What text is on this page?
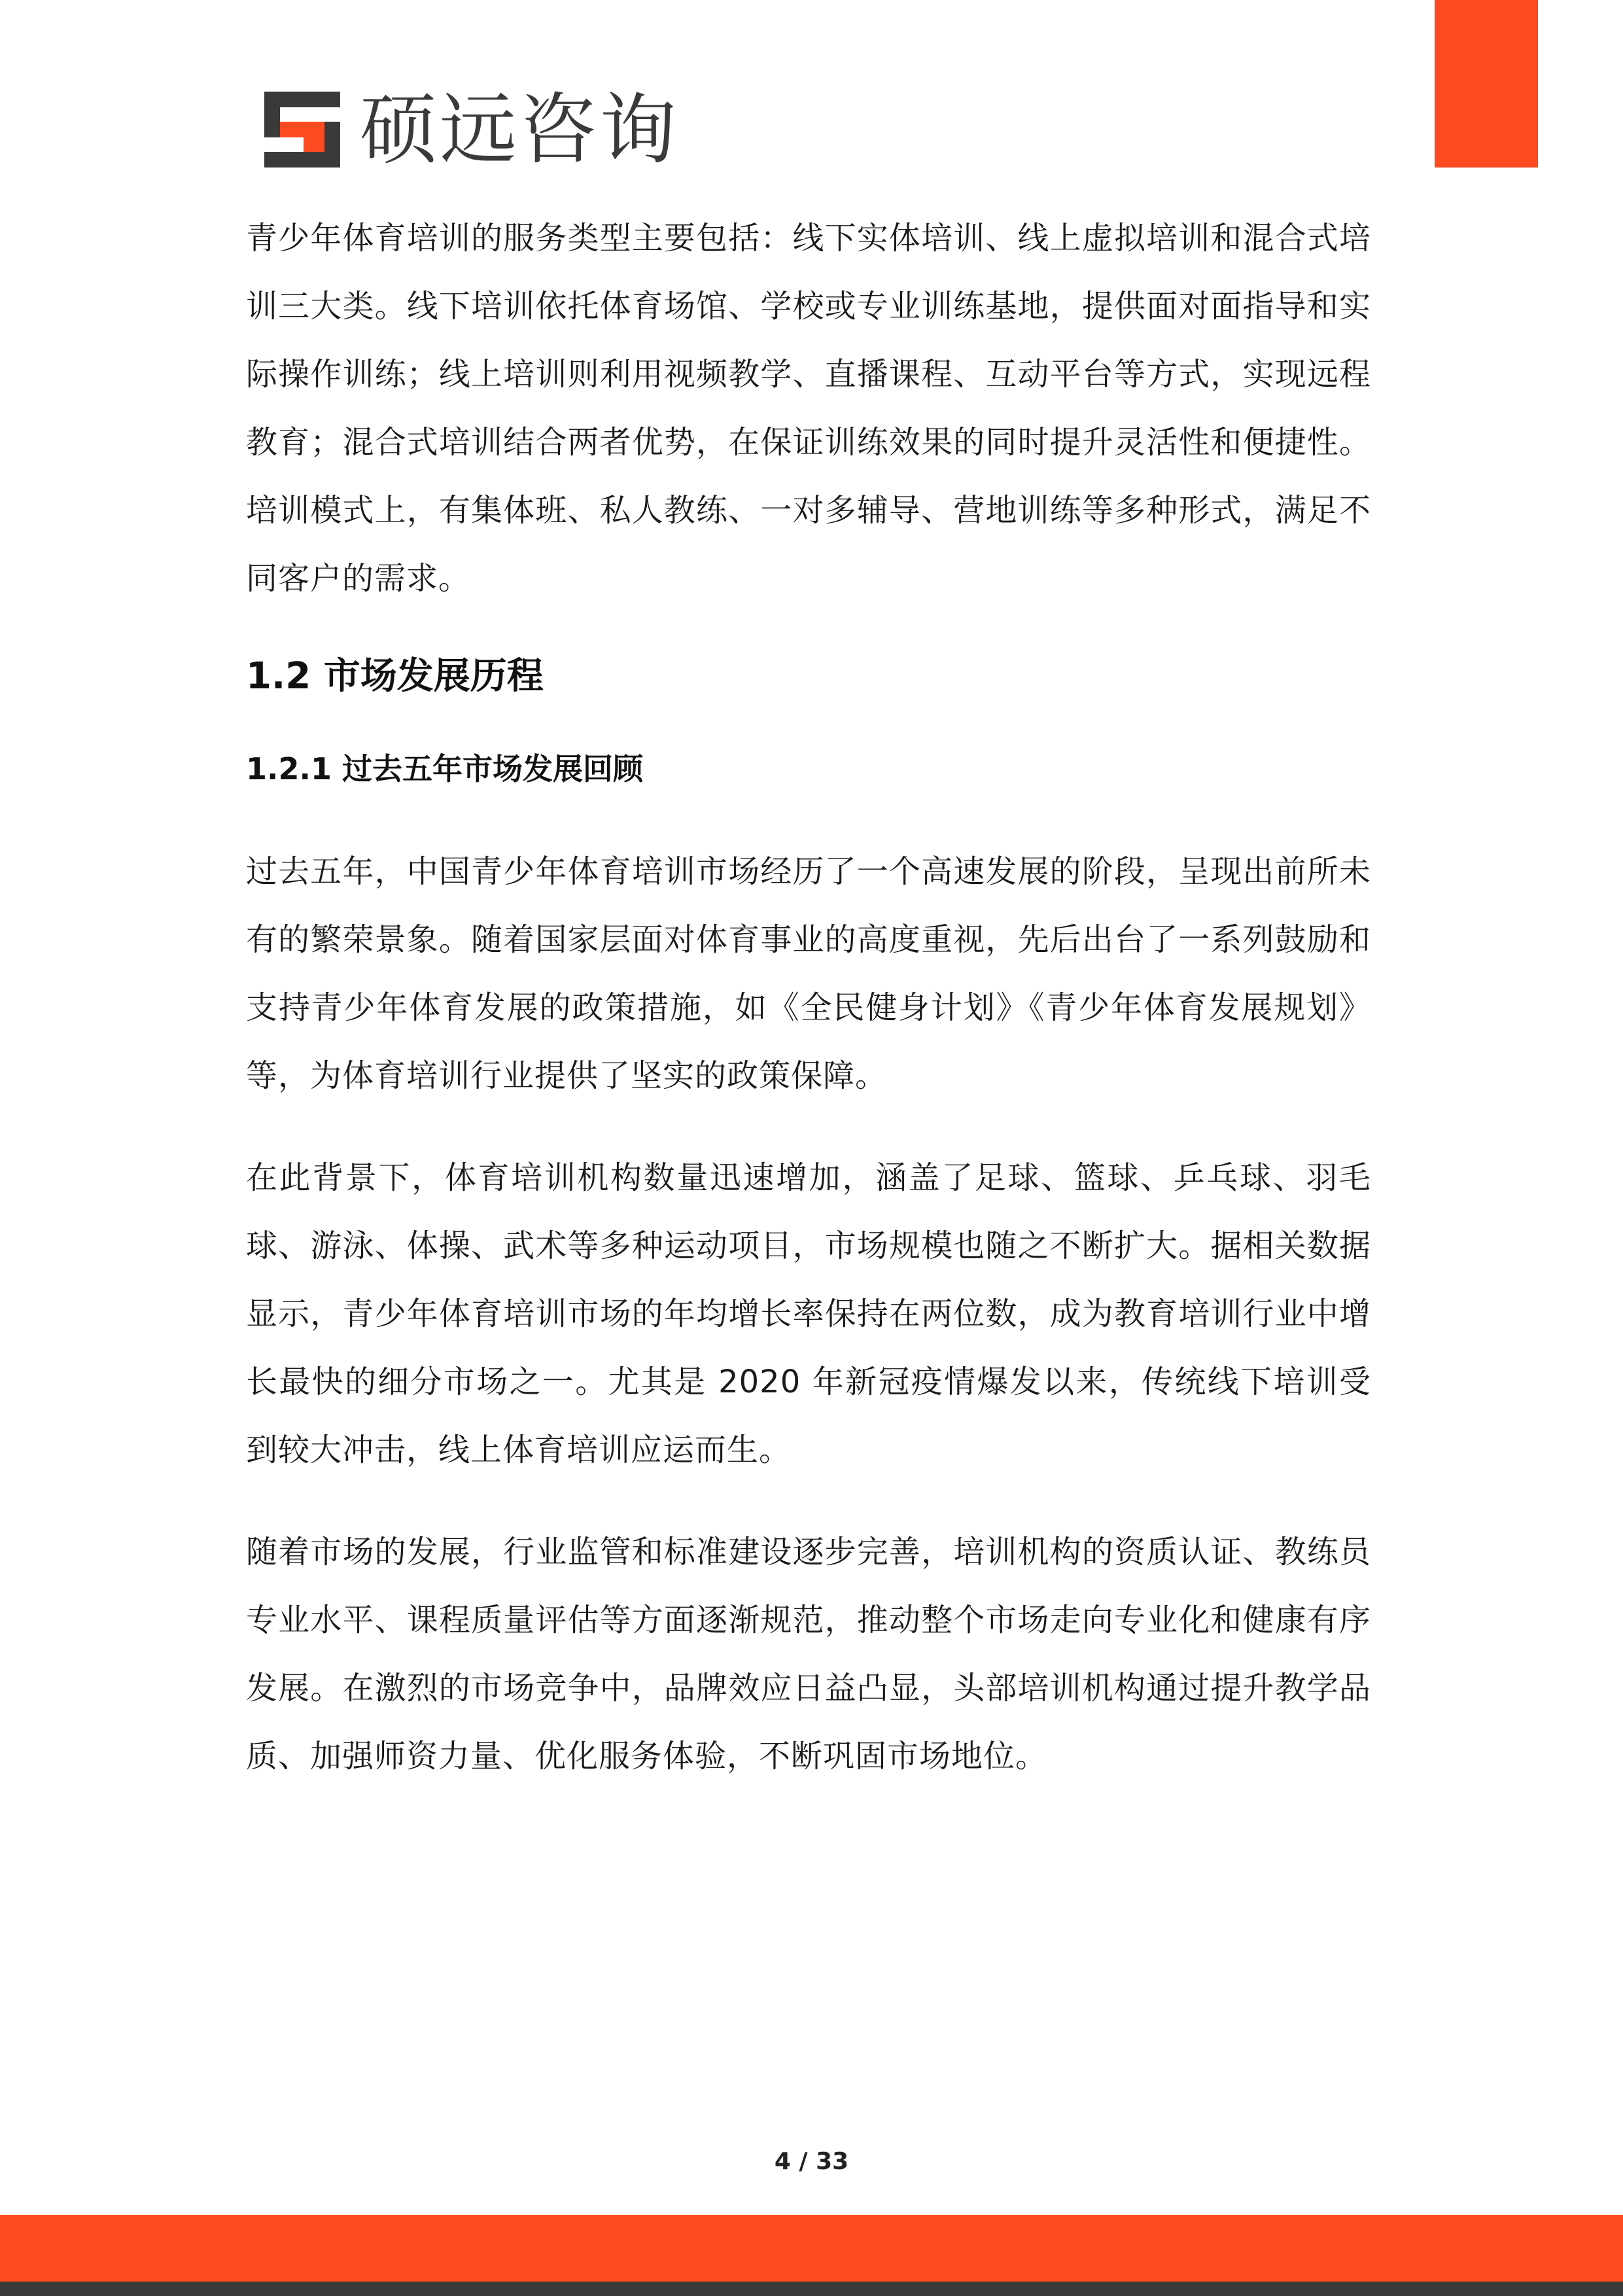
硕远咨询

青少年体育培训的服务类型主要包括：线下实体培训、线上虚拟培训和混合式培训三大类。线下培训依托体育场馆、学校或专业训练基地，提供面对面指导和实际操作训练；线上培训则利用视频教学、直播课程、互动平台等方式，实现远程教育；混合式培训结合两者优势，在保证训练效果的同时提升灵活性和便捷性。培训模式上，有集体班、私人教练、一对多辅导、营地训练等多种形式，满足不同客户的需求。

1.2 市场发展历程
1.2.1 过去五年市场发展回顾

过去五年，中国青少年体育培训市场经历了一个高速发展的阶段，呈现出前所未有的繁荣景象。随着国家层面对体育事业的高度重视，先后出台了一系列鼓励和支持青少年体育发展的政策措施，如《全民健身计划》《青少年体育发展规划》等，为体育培训行业提供了坚实的政策保障。

在此背景下，体育培训机构数量迅速增加，涵盖了足球、篮球、乒乓球、羽毛球、游泳、体操、武术等多种运动项目，市场规模也随之不断扩大。据相关数据显示，青少年体育培训市场的年均增长率保持在两位数，成为教育培训行业中增长最快的细分市场之一。尤其是 2020 年新冠疫情爆发以来，传统线下培训受到较大冲击，线上体育培训应运而生。

随着市场的发展，行业监管和标准建设逐步完善，培训机构的资质认证、教练员专业水平、课程质量评估等方面逐渐规范，推动整个市场走向专业化和健康有序发展。在激烈的市场竞争中，品牌效应日益凸显，头部培训机构通过提升教学品质、加强师资力量、优化服务体验，不断巩固市场地位。

4 / 33
